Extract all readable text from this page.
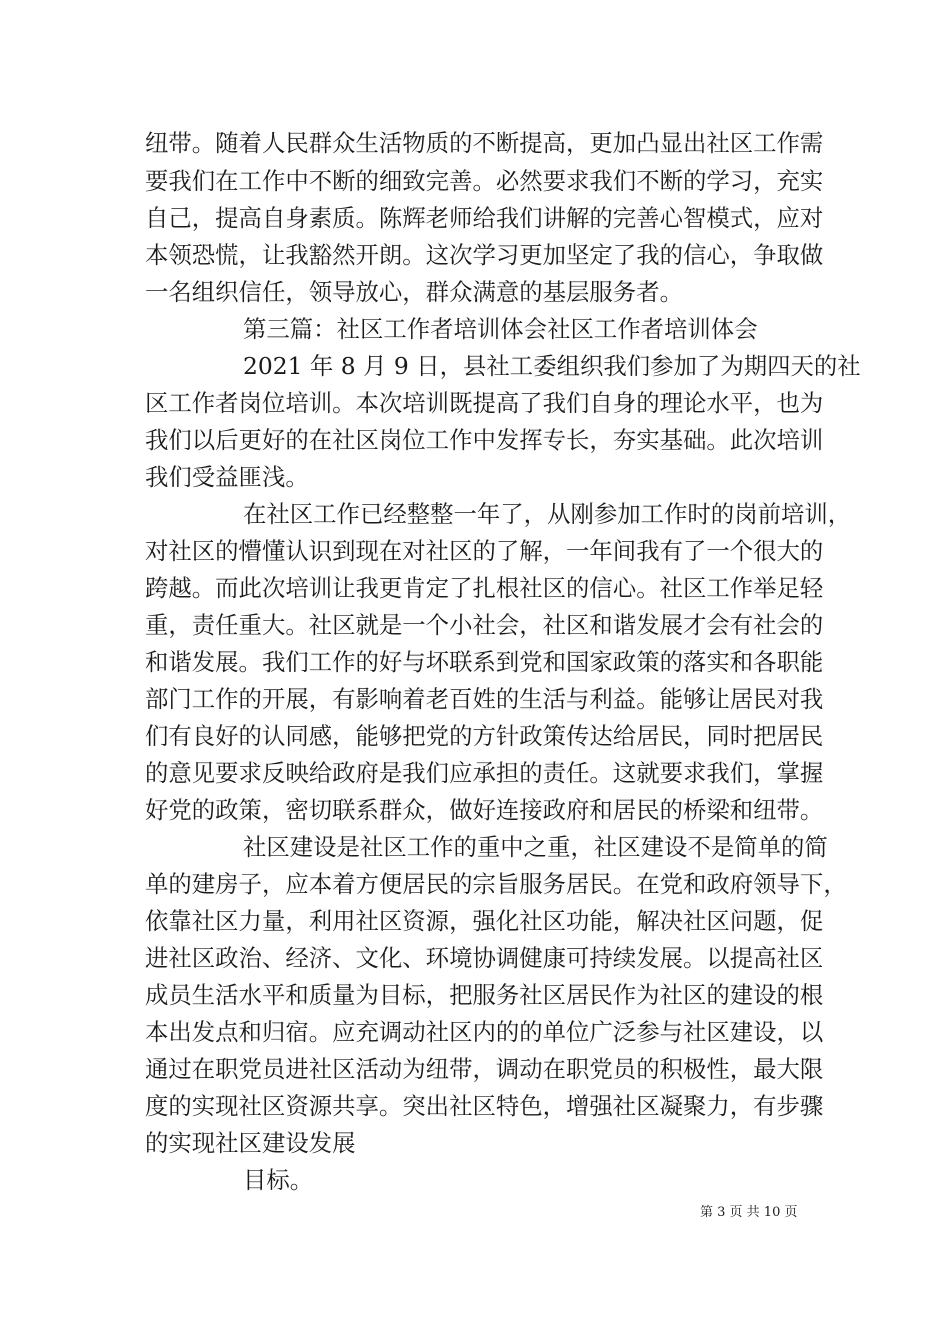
纽带。随着人民群众生活物质的不断提高，更加凸显出社区工作需
要我们在工作中不断的细致完善。必然要求我们不断的学习，充实
自己，提高自身素质。陈辉老师给我们讲解的完善心智模式，应对
本领恐慌，让我豁然开朗。这次学习更加坚定了我的信心，争取做
一名组织信任，领导放心，群众满意的基层服务者。
第三篇：社区工作者培训体会社区工作者培训体会
2021 年 8 月 9 日，县社工委组织我们参加了为期四天的社
区工作者岗位培训。本次培训既提高了我们自身的理论水平，也为
我们以后更好的在社区岗位工作中发挥专长，夯实基础。此次培训
我们受益匪浅。
在社区工作已经整整一年了，从刚参加工作时的岗前培训，
对社区的懵懂认识到现在对社区的了解，一年间我有了一个很大的
跨越。而此次培训让我更肯定了扎根社区的信心。社区工作举足轻
重，责任重大。社区就是一个小社会，社区和谐发展才会有社会的
和谐发展。我们工作的好与坏联系到党和国家政策的落实和各职能
部门工作的开展，有影响着老百姓的生活与利益。能够让居民对我
们有良好的认同感，能够把党的方针政策传达给居民，同时把居民
的意见要求反映给政府是我们应承担的责任。这就要求我们，掌握
好党的政策，密切联系群众，做好连接政府和居民的桥梁和纽带。
社区建设是社区工作的重中之重，社区建设不是简单的简
单的建房子，应本着方便居民的宗旨服务居民。在党和政府领导下，
依靠社区力量，利用社区资源，强化社区功能，解决社区问题，促
进社区政治、经济、文化、环境协调健康可持续发展。以提高社区
成员生活水平和质量为目标，把服务社区居民作为社区的建设的根
本出发点和归宿。应充调动社区内的的单位广泛参与社区建设，以
通过在职党员进社区活动为纽带，调动在职党员的积极性，最大限
度的实现社区资源共享。突出社区特色，增强社区凝聚力，有步骤
的实现社区建设发展
目标。
第 3 页 共 10 页
